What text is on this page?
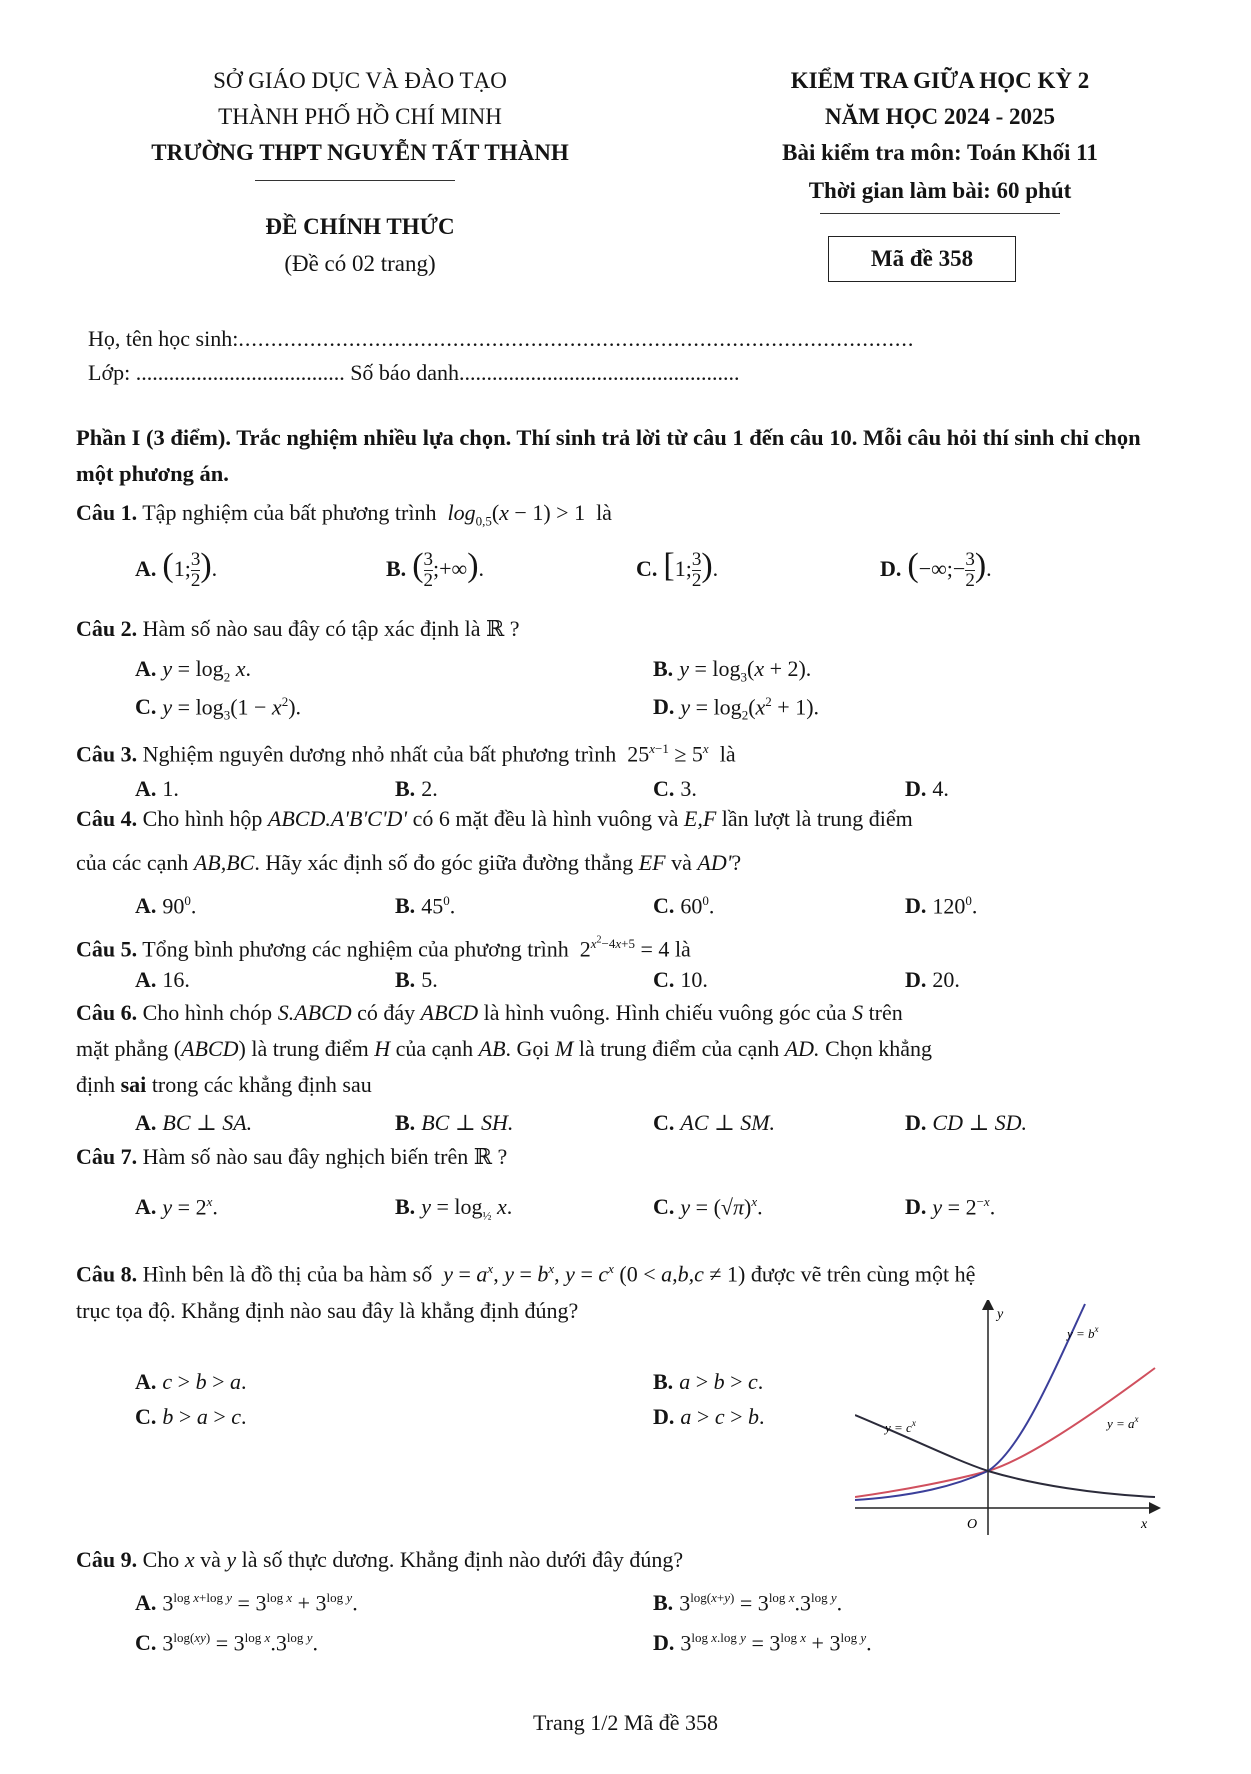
SỞ GIÁO DỤC VÀ ĐÀO TẠO
THÀNH PHỐ HỒ CHÍ MINH
TRƯỜNG THPT NGUYỄN TẤT THÀNH
ĐỀ CHÍNH THỨC
(Đề có 02 trang)
KIỂM TRA GIỮA HỌC KỲ 2
NĂM HỌC 2024 - 2025
Bài kiểm tra môn: Toán Khối 11
Thời gian làm bài: 60 phút
Mã đề 358
Họ, tên học sinh:........................................................................................................
Lớp: ...................................... Số báo danh...................................................
Phần I (3 điểm). Trắc nghiệm nhiều lựa chọn. Thí sinh trả lời từ câu 1 đến câu 10. Mỗi câu hỏi thí sinh chỉ chọn một phương án.
Câu 1. Tập nghiệm của bất phương trình $\log_{0,5}(x - 1) > 1$  là
A. (1; 3
2).	B. ( 3
2;+∞).	C. [1; 3
2).	D. (−∞;− 3
2).
Câu 2. Hàm số nào sau đây có tập xác định là ℝ ?
A. $y = \log_2 x$.	B. $y = \log_3(x + 2)$.
C. $y = \log_3(1 - x^2)$.	D. $y = \log_2(x^2 + 1)$.
Câu 3. Nghiệm nguyên dương nhỏ nhất của bất phương trình  $25^{x-1} \ge 5^x$ là
A. 1.	B. 2.	C. 3.	D. 4.
Câu 4. Cho hình hộp ABCD.A'B'C'D' có 6 mặt đều là hình vuông và E,F lần lượt là trung điểm
của các cạnh AB,BC. Hãy xác định số đo góc giữa đường thẳng EF và AD'?
A. $90^0$.	B. $45^0$.	C. $60^0$.	D. $120^0$.
Câu 5. Tổng bình phương các nghiệm của phương trình  $2^{x^2-4x+5} = 4$ là
A. 16.	B. 5.	C. 10.	D. 20.
Câu 6. Cho hình chóp S.ABCD có đáy ABCD là hình vuông. Hình chiếu vuông góc của S trên
mặt phẳng (ABCD) là trung điểm H của cạnh AB. Gọi M là trung điểm của cạnh AD. Chọn khẳng
định sai trong các khẳng định sau
A. BC ⊥ SA.	B. BC ⊥ SH.	C. AC ⊥ SM.	D. CD ⊥ SD.
Câu 7. Hàm số nào sau đây nghịch biến trên ℝ ?
A. $y = 2^x$.	B. $y = \log_{\frac{1}{2}} x$.	C. $y = (√\pi)^x$.	D. $y = 2^{-x}$.
Câu 8. Hình bên là đồ thị của ba hàm số $y = a^x$, $y = b^x$, $y = c^x$ (0 < a,b,c ≠ 1) được vẽ trên cùng một hệ
trục tọa độ. Khẳng định nào sau đây là khẳng định đúng?
A. c > b > a.	B. a > b > c.
C. b > a > c.	D. a > c > b.
y
x
O
$y = b^x$
$y = c^x$	$y = a^x$
Câu 9. Cho x và y là số thực dương. Khẳng định nào dưới đây đúng?
A. $3^{log x+log y} = 3^{log x} + 3^{log y}$.	B. $3^{log(x+y)} = 3^{log x}.3^{log y}$.
C. $3^{log(xy)} = 3^{log x}.3^{log y}$.	D. $3^{log x.log y} = 3^{log x} + 3^{log y}$.
Trang 1/2 Mã đề 358
